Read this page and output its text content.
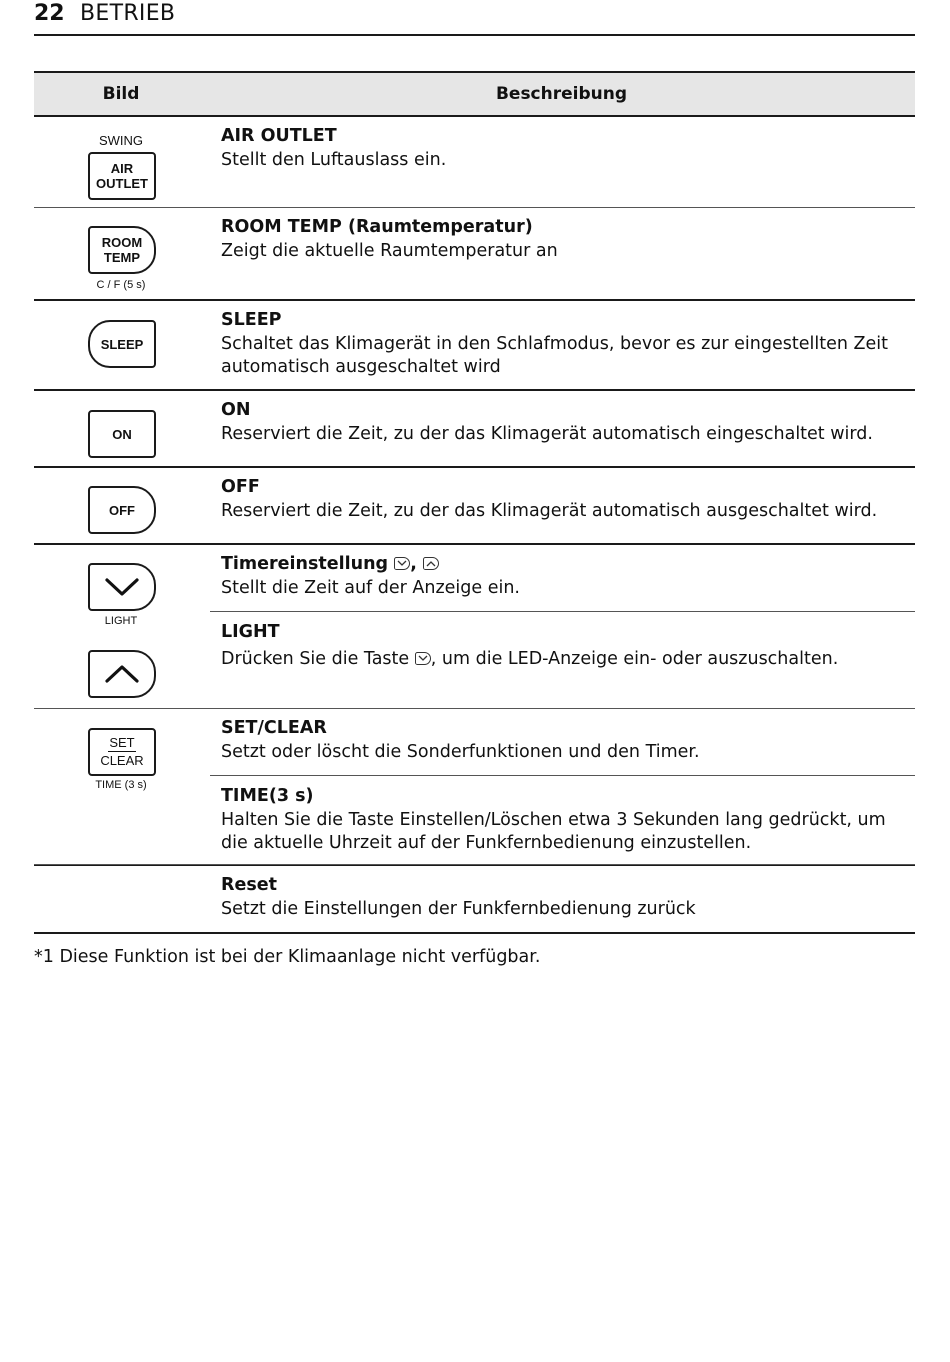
22 BETRIEB
Bild	Beschreibung
SWING
AIR
OUTLET
AIR OUTLET
Stellt den Luftauslass ein.
ROOM
TEMP
C / F (5 s)
ROOM TEMP (Raumtemperatur)
Zeigt die aktuelle Raumtemperatur an
SLEEP
SLEEP
Schaltet das Klimagerät in den Schlafmodus, bevor es zur eingestellten Zeit automatisch ausgeschaltet wird
ON
ON
Reserviert die Zeit, zu der das Klimagerät automatisch eingeschaltet wird.
OFF
OFF
Reserviert die Zeit, zu der das Klimagerät automatisch ausgeschaltet wird.
LIGHT
Timereinstellung ,
Stellt die Zeit auf der Anzeige ein.
LIGHT
Drücken Sie die Taste , um die LED-Anzeige ein- oder auszuschalten.
SET
CLEAR
TIME (3 s)
SET/CLEAR
Setzt oder löscht die Sonderfunktionen und den Timer.
TIME(3 s)
Halten Sie die Taste Einstellen/Löschen etwa 3 Sekunden lang gedrückt, um die aktuelle Uhrzeit auf der Funkfernbedienung einzustellen.
Reset
Setzt die Einstellungen der Funkfernbedienung zurück
*1 Diese Funktion ist bei der Klimaanlage nicht verfügbar.
